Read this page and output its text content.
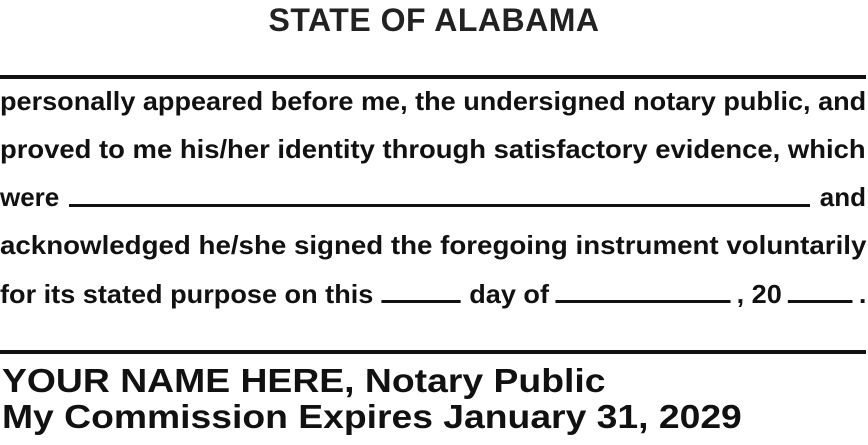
STATE OF ALABAMA
personally appeared before me, the undersigned notary public, and
proved to me his/her identity through satisfactory evidence, which
were	and
acknowledged he/she signed the foregoing instrument voluntarily
for its stated purpose on this	day of	, 20	.
YOUR NAME HERE, Notary Public
My Commission Expires January 31, 2029
